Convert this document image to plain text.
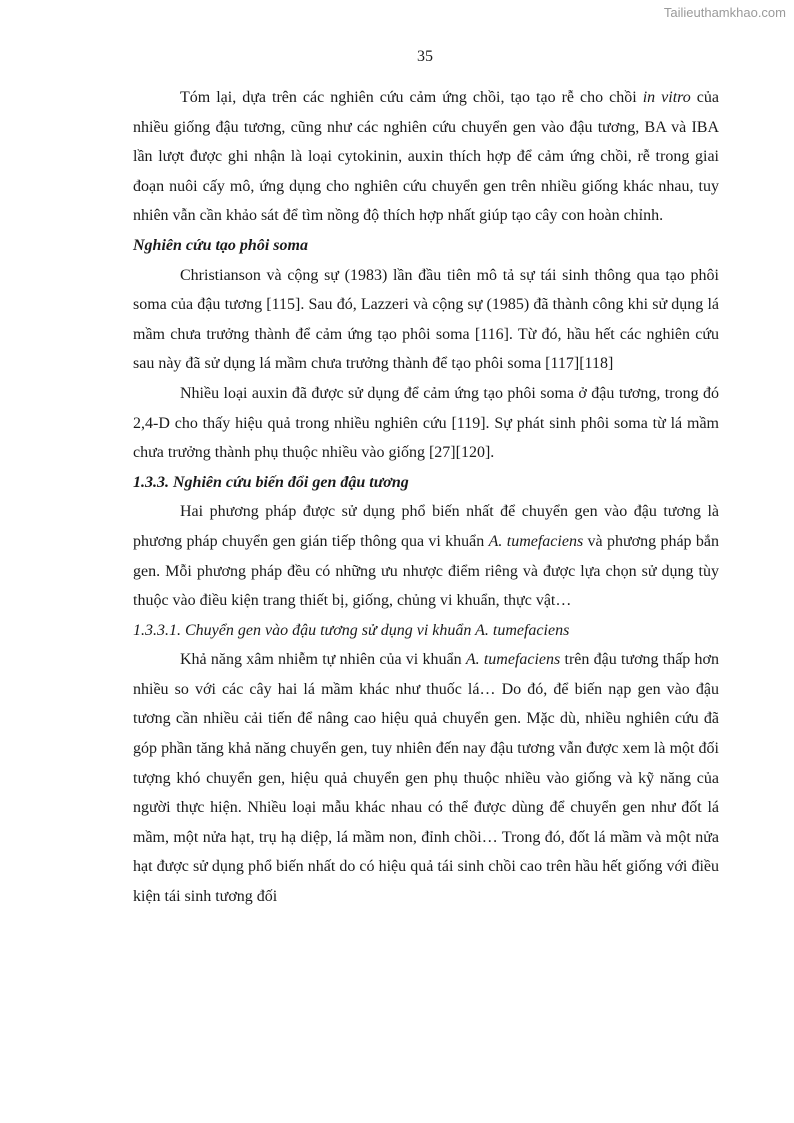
Tailieuthamkhao.com
35

Tóm lại, dựa trên các nghiên cứu cảm ứng chồi, tạo tạo rễ cho chồi in vitro của nhiều giống đậu tương, cũng như các nghiên cứu chuyển gen vào đậu tương, BA và IBA lần lượt được ghi nhận là loại cytokinin, auxin thích hợp để cảm ứng chồi, rễ trong giai đoạn nuôi cấy mô, ứng dụng cho nghiên cứu chuyển gen trên nhiều giống khác nhau, tuy nhiên vẫn cần khảo sát để tìm nồng độ thích hợp nhất giúp tạo cây con hoàn chỉnh.

Nghiên cứu tạo phôi soma

Christianson và cộng sự (1983) lần đầu tiên mô tả sự tái sinh thông qua tạo phôi soma của đậu tương [115]. Sau đó, Lazzeri và cộng sự (1985) đã thành công khi sử dụng lá mầm chưa trưởng thành để cảm ứng tạo phôi soma [116]. Từ đó, hầu hết các nghiên cứu sau này đã sử dụng lá mầm chưa trưởng thành để tạo phôi soma [117][118]

Nhiều loại auxin đã được sử dụng để cảm ứng tạo phôi soma ở đậu tương, trong đó 2,4-D cho thấy hiệu quả trong nhiều nghiên cứu [119]. Sự phát sinh phôi soma từ lá mầm chưa trưởng thành phụ thuộc nhiều vào giống [27][120].

1.3.3. Nghiên cứu biến đổi gen đậu tương

Hai phương pháp được sử dụng phổ biến nhất để chuyển gen vào đậu tương là phương pháp chuyển gen gián tiếp thông qua vi khuẩn A. tumefaciens và phương pháp bắn gen. Mỗi phương pháp đều có những ưu nhược điểm riêng và được lựa chọn sử dụng tùy thuộc vào điều kiện trang thiết bị, giống, chủng vi khuẩn, thực vật…

1.3.3.1. Chuyển gen vào đậu tương sử dụng vi khuẩn A. tumefaciens

Khả năng xâm nhiễm tự nhiên của vi khuẩn A. tumefaciens trên đậu tương thấp hơn nhiều so với các cây hai lá mầm khác như thuốc lá… Do đó, để biến nạp gen vào đậu tương cần nhiều cải tiến để nâng cao hiệu quả chuyển gen. Mặc dù, nhiều nghiên cứu đã góp phần tăng khả năng chuyển gen, tuy nhiên đến nay đậu tương vẫn được xem là một đối tượng khó chuyển gen, hiệu quả chuyển gen phụ thuộc nhiều vào giống và kỹ năng của người thực hiện. Nhiều loại mẫu khác nhau có thể được dùng để chuyển gen như đốt lá mầm, một nửa hạt, trụ hạ diệp, lá mầm non, đỉnh chồi… Trong đó, đốt lá mầm và một nửa hạt được sử dụng phổ biến nhất do có hiệu quả tái sinh chồi cao trên hầu hết giống với điều kiện tái sinh tương đối
